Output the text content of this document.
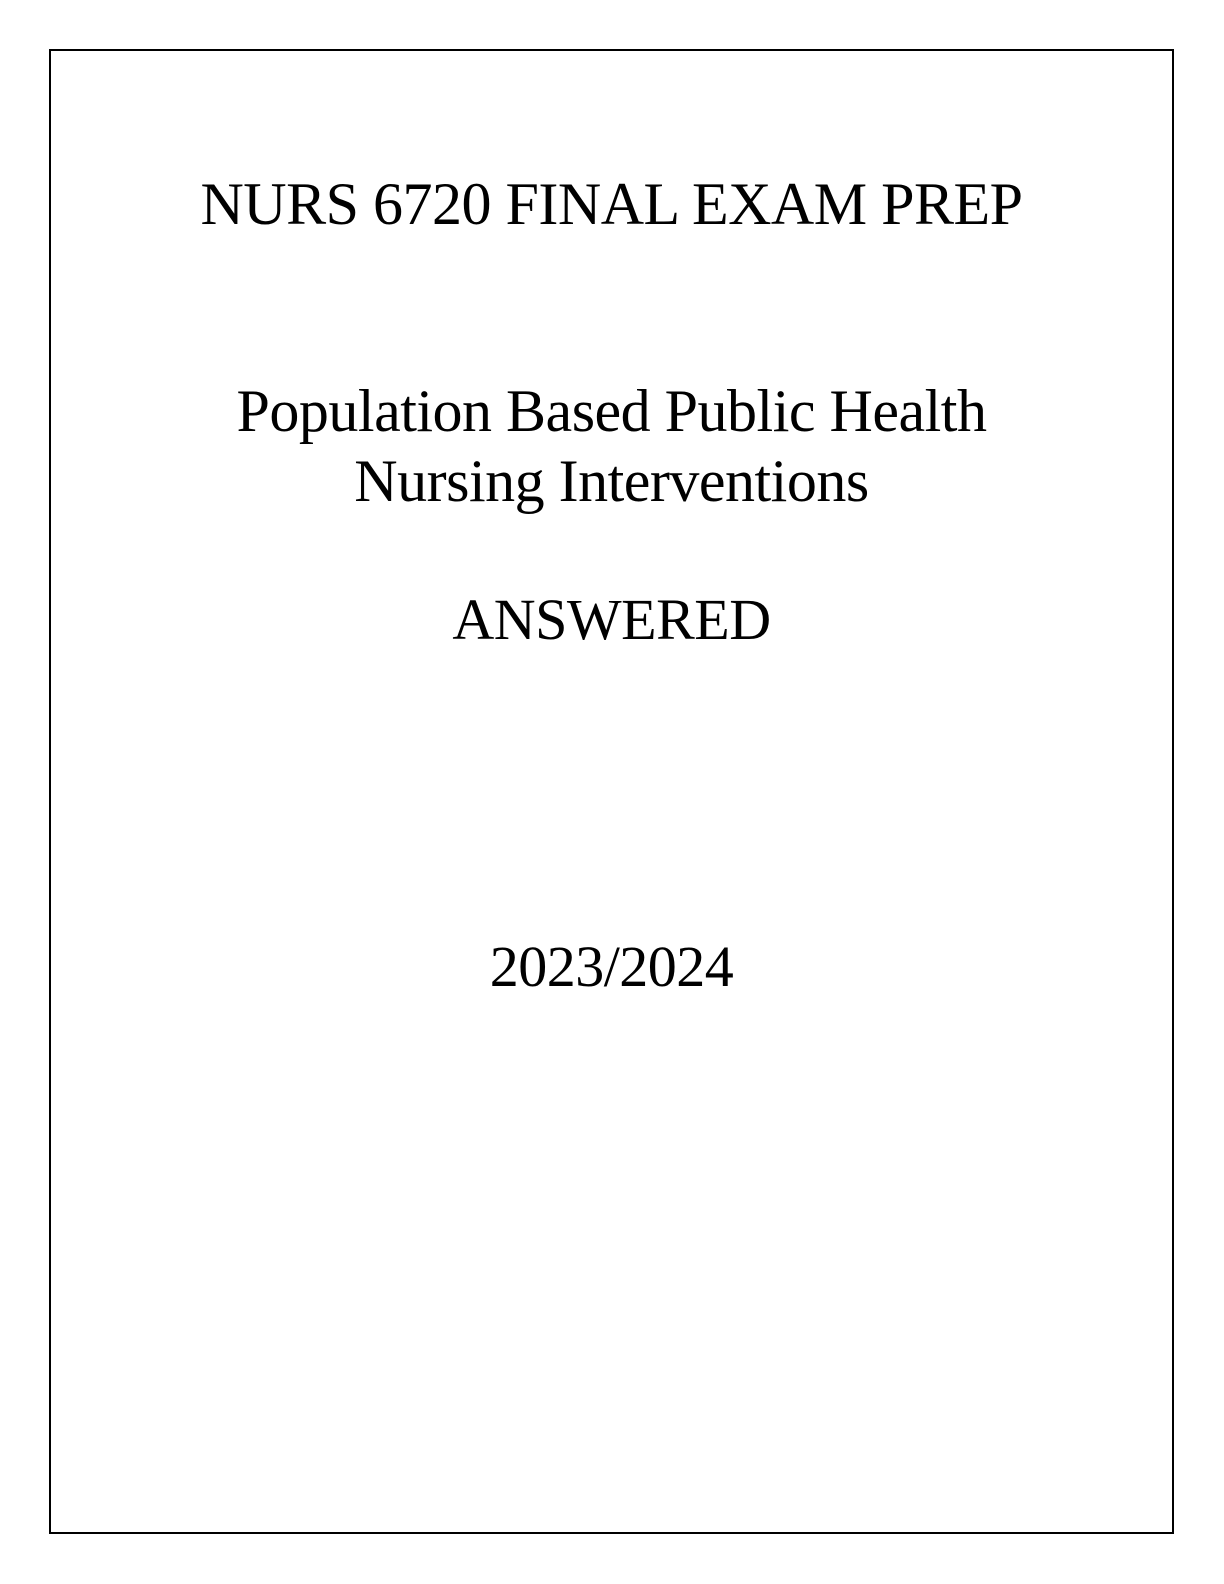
NURS 6720 FINAL EXAM PREP
Population Based Public Health
Nursing Interventions
ANSWERED
2023/2024
